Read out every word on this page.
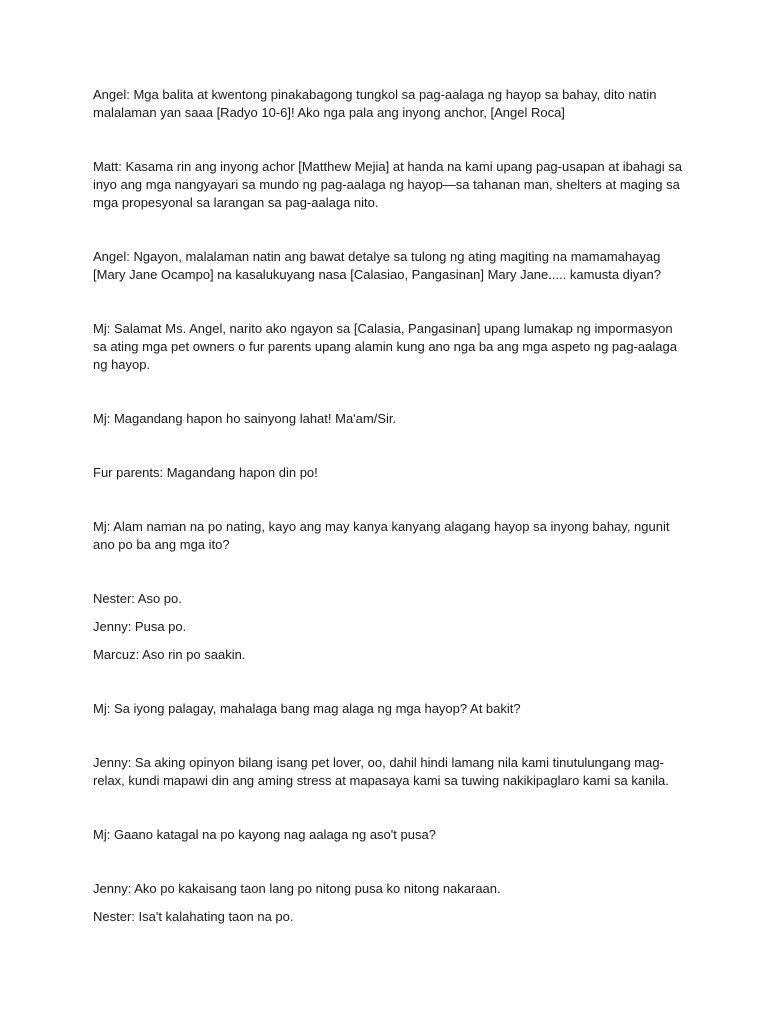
Angel: Mga balita at kwentong pinakabagong tungkol sa pag-aalaga ng hayop sa bahay, dito natin malalaman yan saaa [Radyo 10-6]! Ako nga pala ang inyong anchor, [Angel Roca]

Matt: Kasama rin ang inyong achor [Matthew Mejia] at handa na kami upang pag-usapan at ibahagi sa inyo ang mga nangyayari sa mundo ng pag-aalaga ng hayop—sa tahanan man, shelters at maging sa mga propesyonal sa larangan sa pag-aalaga nito.

Angel: Ngayon, malalaman natin ang bawat detalye sa tulong ng ating magiting na mamamahayag [Mary Jane Ocampo] na kasalukuyang nasa [Calasiao, Pangasinan] Mary Jane..... kamusta diyan?

Mj: Salamat Ms. Angel, narito ako ngayon sa [Calasia, Pangasinan] upang lumakap ng impormasyon sa ating mga pet owners o fur parents upang alamin kung ano nga ba ang mga aspeto ng pag-aalaga ng hayop.

Mj: Magandang hapon ho sainyong lahat! Ma'am/Sir.

Fur parents: Magandang hapon din po!

Mj: Alam naman na po nating, kayo ang may kanya kanyang alagang hayop sa inyong bahay, ngunit ano po ba ang mga ito?

Nester: Aso po.

Jenny: Pusa po.

Marcuz: Aso rin po saakin.

Mj: Sa iyong palagay, mahalaga bang mag alaga ng mga hayop? At bakit?

Jenny: Sa aking opinyon bilang isang pet lover, oo, dahil hindi lamang nila kami tinutulungang mag-relax, kundi mapawi din ang aming stress at mapasaya kami sa tuwing nakikipaglaro kami sa kanila.

Mj: Gaano katagal na po kayong nag aalaga ng aso't pusa?

Jenny: Ako po kakaisang taon lang po nitong pusa ko nitong nakaraan.

Nester: Isa't kalahating taon na po.
